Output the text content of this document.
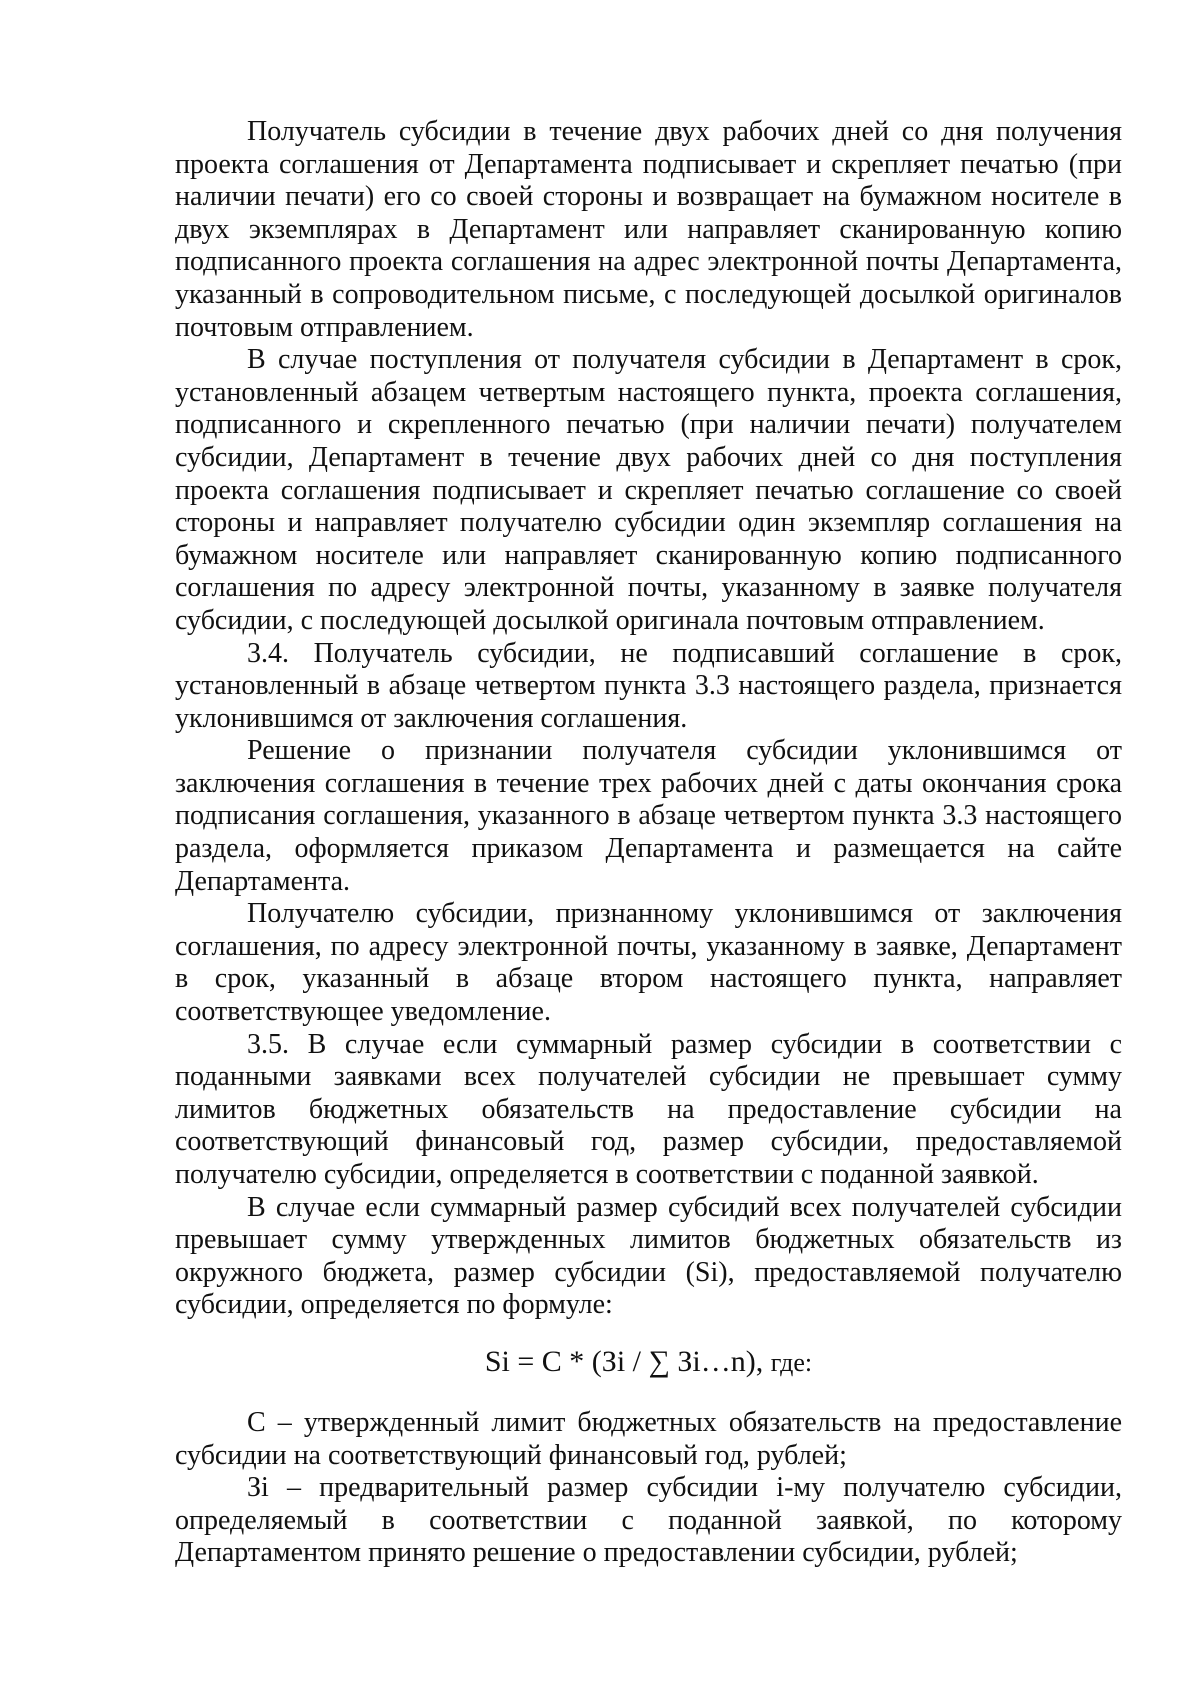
Получатель субсидии в течение двух рабочих дней со дня получения проекта соглашения от Департамента подписывает и скрепляет печатью (при наличии печати) его со своей стороны и возвращает на бумажном носителе в двух экземплярах в Департамент или направляет сканированную копию подписанного проекта соглашения на адрес электронной почты Департамента, указанный в сопроводительном письме, с последующей досылкой оригиналов почтовым отправлением.

В случае поступления от получателя субсидии в Департамент в срок, установленный абзацем четвертым настоящего пункта, проекта соглашения, подписанного и скрепленного печатью (при наличии печати) получателем субсидии, Департамент в течение двух рабочих дней со дня поступления проекта соглашения подписывает и скрепляет печатью соглашение со своей стороны и направляет получателю субсидии один экземпляр соглашения на бумажном носителе или направляет сканированную копию подписанного соглашения по адресу электронной почты, указанному в заявке получателя субсидии, с последующей досылкой оригинала почтовым отправлением.

3.4. Получатель субсидии, не подписавший соглашение в срок, установленный в абзаце четвертом пункта 3.3 настоящего раздела, признается уклонившимся от заключения соглашения.

Решение о признании получателя субсидии уклонившимся от заключения соглашения в течение трех рабочих дней с даты окончания срока подписания соглашения, указанного в абзаце четвертом пункта 3.3 настоящего раздела, оформляется приказом Департамента и размещается на сайте Департамента.

Получателю субсидии, признанному уклонившимся от заключения соглашения, по адресу электронной почты, указанному в заявке, Департамент в срок, указанный в абзаце втором настоящего пункта, направляет соответствующее уведомление.

3.5. В случае если суммарный размер субсидии в соответствии с поданными заявками всех получателей субсидии не превышает сумму лимитов бюджетных обязательств на предоставление субсидии на соответствующий финансовый год, размер субсидии, предоставляемой получателю субсидии, определяется в соответствии с поданной заявкой.

В случае если суммарный размер субсидий всех получателей субсидии превышает сумму утвержденных лимитов бюджетных обязательств из окружного бюджета, размер субсидии (Si), предоставляемой получателю субсидии, определяется по формуле:

Si = C * (Зi / ∑ Зi…n), где:

С – утвержденный лимит бюджетных обязательств на предоставление субсидии на соответствующий финансовый год, рублей;

Зi – предварительный размер субсидии i-му получателю субсидии, определяемый в соответствии с поданной заявкой, по которому Департаментом принято решение о предоставлении субсидии, рублей;
